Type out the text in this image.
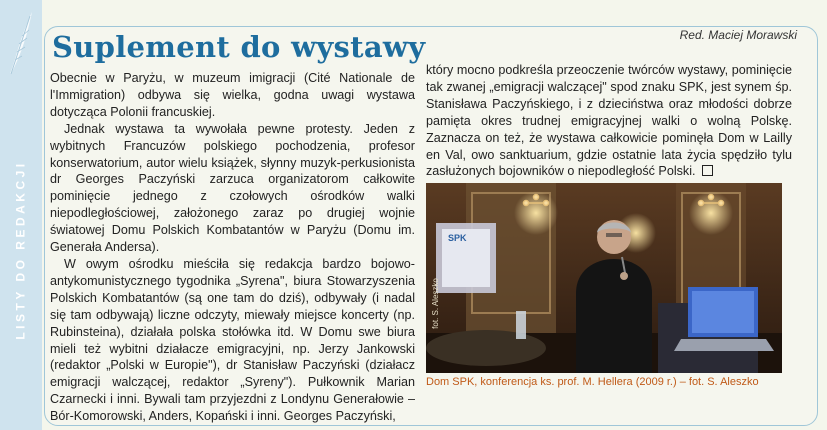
LISTY DO REDAKCJI
Red. Maciej Morawski
Suplement do wystawy

Obecnie w Paryżu, w muzeum imigracji (Cité Nationale de l'Immigration) odbywa się wielka, godna uwagi wystawa dotycząca Polonii francuskiej.

Jednak wystawa ta wywołała pewne protesty. Jeden z wybitnych Francuzów polskiego pochodzenia, profesor konserwatorium, autor wielu książek, słynny muzyk-perkusionista dr Georges Paczyński zarzuca organizatorom całkowite pominięcie jednego z czołowych ośrodków walki niepodległościowej, założonego zaraz po drugiej wojnie światowej Domu Polskich Kombatantów w Paryżu (Domu im. Generała Andersa).

W owym ośrodku mieściła się redakcja bardzo bojowo-antykomunistycznego tygodnika „Syrena", biura Stowarzyszenia Polskich Kombatantów (są one tam do dziś), odbywały (i nadal się tam odbywają) liczne odczyty, miewały miejsce koncerty (np. Rubinsteina), działała polska stołówka itd. W Domu swe biura mieli też wybitni działacze emigracyjni, np. Jerzy Jankowski (redaktor „Polski w Europie"), dr Stanisław Paczyński (działacz emigracji walczącej, redaktor „Syreny"). Pułkownik Marian Czarnecki i inni. Bywali tam przyjezdni z Londynu Generałowie – Bór-Komorowski, Anders, Kopański i inni. Georges Paczyński,

który mocno podkreśla przeoczenie twórców wystawy, pominięcie tak zwanej „emigracji walczącej" spod znaku SPK, jest synem śp. Stanisława Paczyńskiego, i z dzieciństwa oraz młodości dobrze pamięta okres trudnej emigracyjnej walki o wolną Polskę. Zaznacza on też, że wystawa całkowicie pominęła Dom w Lailly en Val, owo sanktuarium, gdzie ostatnie lata życia spędziło tylu zasłużonych bojowników o niepodległość Polski.

SPK
fot. S. Aleszko
Dom SPK, konferencja ks. prof. M. Hellera (2009 r.) – fot. S. Aleszko
